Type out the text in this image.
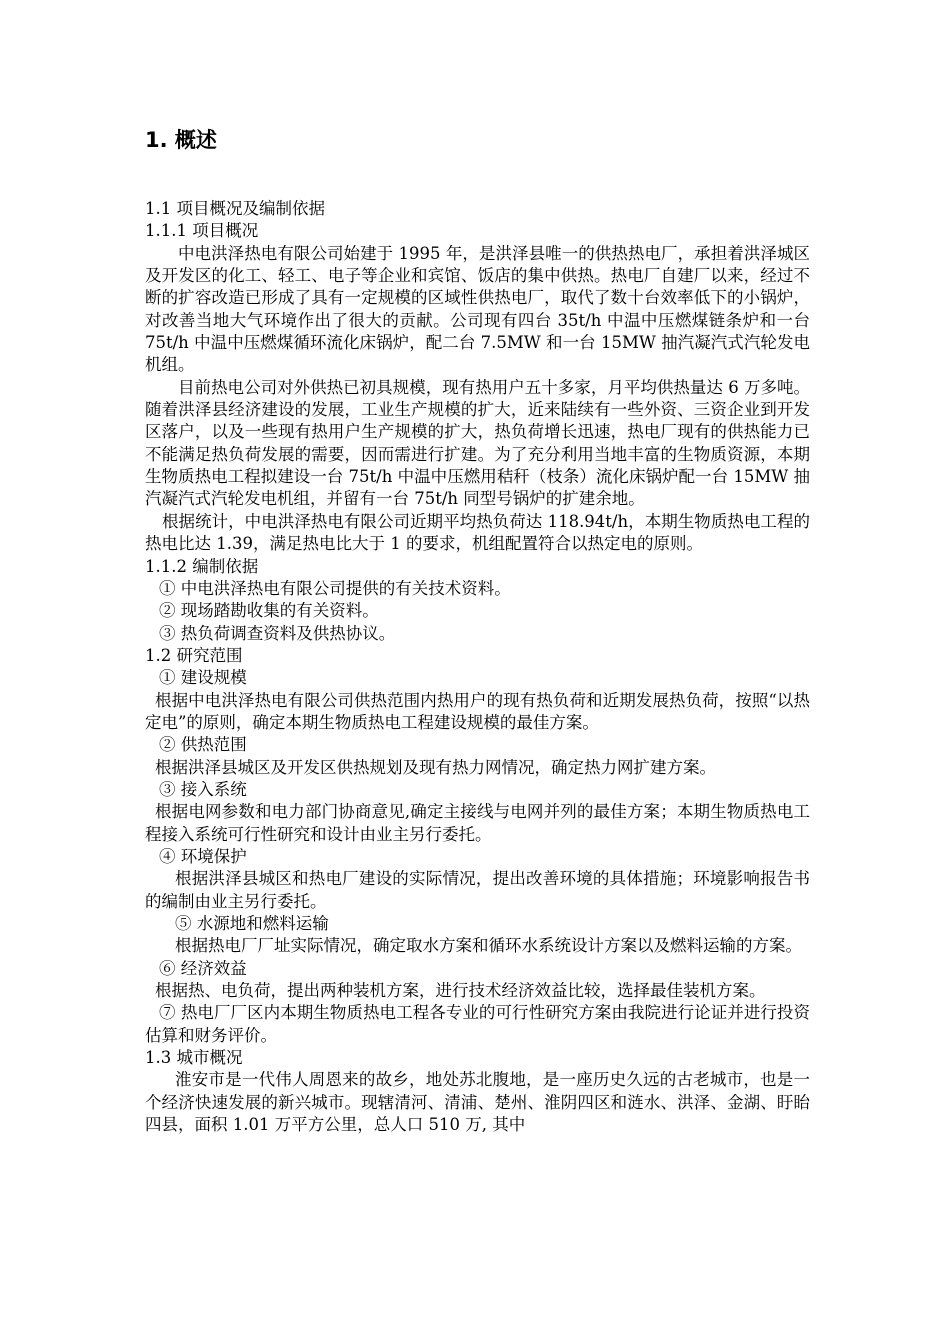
1. 概述
1.1 项目概况及编制依据
1.1.1 项目概况

中电洪泽热电有限公司始建于 1995 年，是洪泽县唯一的供热热电厂，承担着洪泽城区及开发区的化工、轻工、电子等企业和宾馆、饭店的集中供热。热电厂自建厂以来，经过不断的扩容改造已形成了具有一定规模的区域性供热电厂，取代了数十台效率低下的小锅炉，对改善当地大气环境作出了很大的贡献。公司现有四台 35t/h 中温中压燃煤链条炉和一台 75t/h 中温中压燃煤循环流化床锅炉，配二台 7.5MW 和一台 15MW 抽汽凝汽式汽轮发电机组。

目前热电公司对外供热已初具规模，现有热用户五十多家，月平均供热量达 6 万多吨。随着洪泽县经济建设的发展，工业生产规模的扩大，近来陆续有一些外资、三资企业到开发区落户，以及一些现有热用户生产规模的扩大，热负荷增长迅速，热电厂现有的供热能力已不能满足热负荷发展的需要，因而需进行扩建。为了充分利用当地丰富的生物质资源，本期生物质热电工程拟建设一台 75t/h 中温中压燃用秸秆（枝条）流化床锅炉配一台 15MW 抽汽凝汽式汽轮发电机组，并留有一台 75t/h 同型号锅炉的扩建余地。

根据统计，中电洪泽热电有限公司近期平均热负荷达 118.94t/h，本期生物质热电工程的热电比达 1.39，满足热电比大于 1 的要求，机组配置符合以热定电的原则。

1.1.2 编制依据
① 中电洪泽热电有限公司提供的有关技术资料。
② 现场踏勘收集的有关资料。
③ 热负荷调查资料及供热协议。
1.2 研究范围
① 建设规模

根据中电洪泽热电有限公司供热范围内热用户的现有热负荷和近期发展热负荷，按照“以热定电”的原则，确定本期生物质热电工程建设规模的最佳方案。

② 供热范围

根据洪泽县城区及开发区供热规划及现有热力网情况，确定热力网扩建方案。

③ 接入系统

根据电网参数和电力部门协商意见,确定主接线与电网并列的最佳方案；本期生物质热电工程接入系统可行性研究和设计由业主另行委托。

④ 环境保护

根据洪泽县城区和热电厂建设的实际情况，提出改善环境的具体措施；环境影响报告书的编制由业主另行委托。

⑤ 水源地和燃料运输

根据热电厂厂址实际情况，确定取水方案和循环水系统设计方案以及燃料运输的方案。

⑥ 经济效益

根据热、电负荷，提出两种装机方案，进行技术经济效益比较，选择最佳装机方案。

⑦ 热电厂厂区内本期生物质热电工程各专业的可行性研究方案由我院进行论证并进行投资估算和财务评价。

1.3 城市概况

淮安市是一代伟人周恩来的故乡，地处苏北腹地，是一座历史久远的古老城市，也是一个经济快速发展的新兴城市。现辖清河、清浦、楚州、淮阴四区和涟水、洪泽、金湖、盱眙四县，面积 1.01 万平方公里，总人口 510 万, 其中
